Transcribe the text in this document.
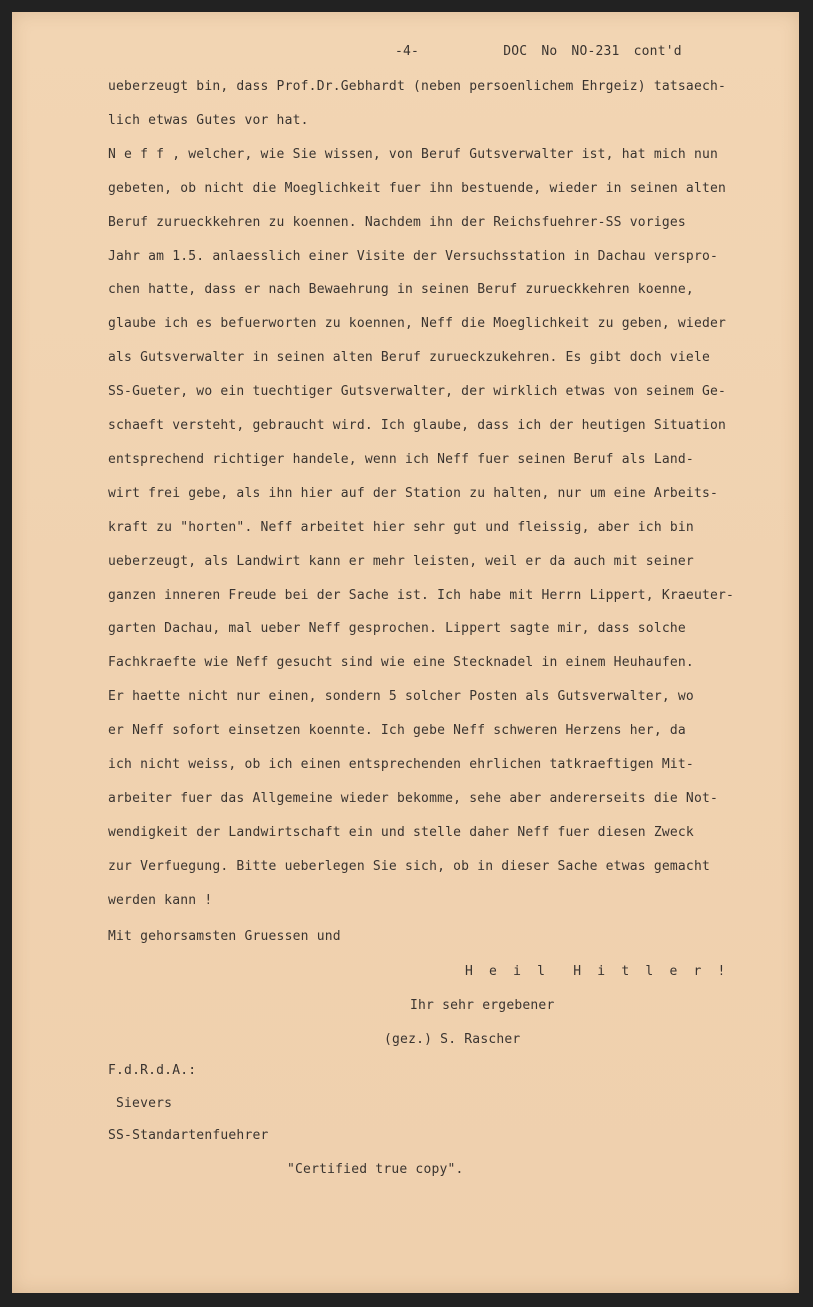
-4-      DOC No NO-231 cont'd
ueberzeugt bin, dass Prof.Dr.Gebhardt (neben persoenlichem Ehrgeiz) tatsaech-
lich etwas Gutes vor hat.
N e f f , welcher, wie Sie wissen, von Beruf Gutsverwalter ist, hat mich nun
gebeten, ob nicht die Moeglichkeit fuer ihn bestuende, wieder in seinen alten
Beruf zurueckkehren zu koennen. Nachdem ihn der Reichsfuehrer-SS voriges
Jahr am 1.5. anlaesslich einer Visite der Versuchsstation in Dachau verspro-
chen hatte, dass er nach Bewaehrung in seinen Beruf zurueckkehren koenne,
glaube ich es befuerworten zu koennen, Neff die Moeglichkeit zu geben, wieder
als Gutsverwalter in seinen alten Beruf zurueckzukehren. Es gibt doch viele
SS-Gueter, wo ein tuechtiger Gutsverwalter, der wirklich etwas von seinem Ge-
schaeft versteht, gebraucht wird. Ich glaube, dass ich der heutigen Situation
entsprechend richtiger handele, wenn ich Neff fuer seinen Beruf als Land-
wirt frei gebe, als ihn hier auf der Station zu halten, nur um eine Arbeits-
kraft zu "horten". Neff arbeitet hier sehr gut und fleissig, aber ich bin
ueberzeugt, als Landwirt kann er mehr leisten, weil er da auch mit seiner
ganzen inneren Freude bei der Sache ist. Ich habe mit Herrn Lippert, Kraeuter-
garten Dachau, mal ueber Neff gesprochen. Lippert sagte mir, dass solche
Fachkraefte wie Neff gesucht sind wie eine Stecknadel in einem Heuhaufen.
Er haette nicht nur einen, sondern 5 solcher Posten als Gutsverwalter, wo
er Neff sofort einsetzen koennte. Ich gebe Neff schweren Herzens her, da
ich nicht weiss, ob ich einen entsprechenden ehrlichen tatkraeftigen Mit-
arbeiter fuer das Allgemeine wieder bekomme, sehe aber andererseits die Not-
wendigkeit der Landwirtschaft ein und stelle daher Neff fuer diesen Zweck
zur Verfuegung. Bitte ueberlegen Sie sich, ob in dieser Sache etwas gemacht
werden kann !
Mit gehorsamsten Gruessen und
H e i l  H i t l e r !
Ihr sehr ergebener
(gez.) S. Rascher
F.d.R.d.A.:
Sievers
SS-Standartenfuehrer
"Certified true copy".
